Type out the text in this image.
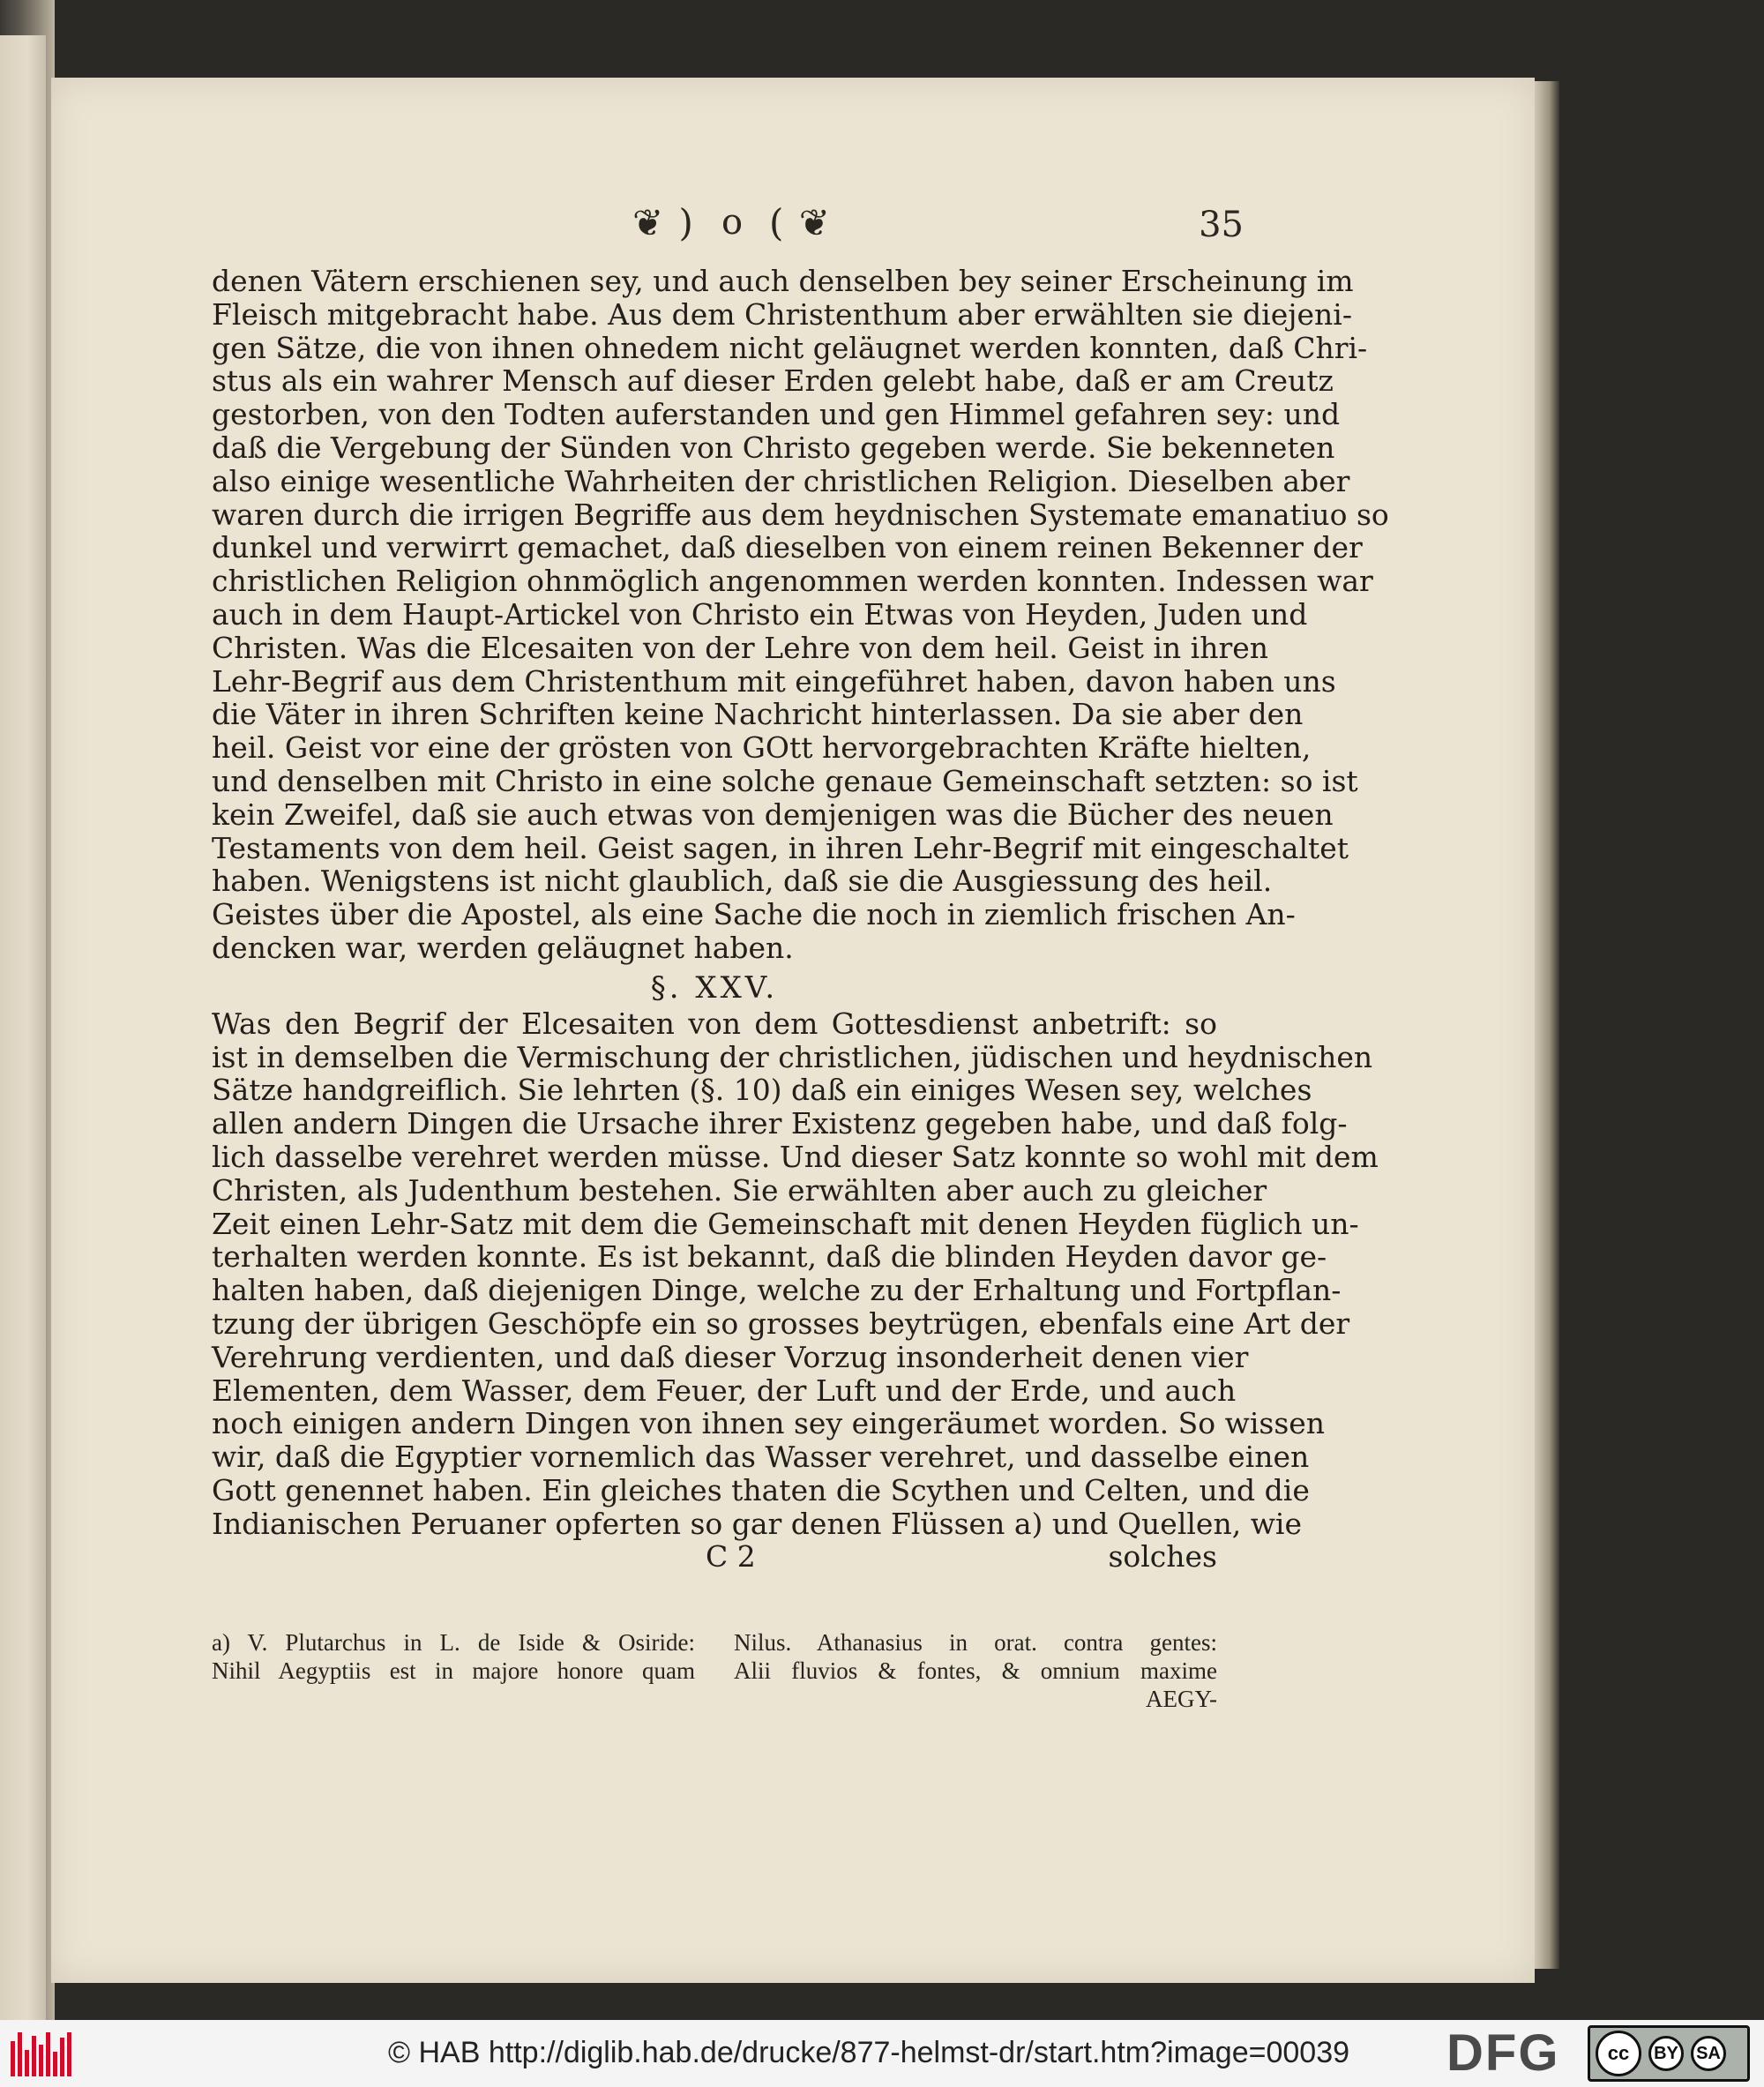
❦ ) o ( ❦	35
denen Vätern erschienen sey, und auch denselben bey seiner Erscheinung im
Fleisch mitgebracht habe. Aus dem Christenthum aber erwählten sie diejeni-
gen Sätze, die von ihnen ohnedem nicht geläugnet werden konnten, daß Chri-
stus als ein wahrer Mensch auf dieser Erden gelebt habe, daß er am Creutz
gestorben, von den Todten auferstanden und gen Himmel gefahren sey: und
daß die Vergebung der Sünden von Christo gegeben werde. Sie bekenneten
also einige wesentliche Wahrheiten der christlichen Religion. Dieselben aber
waren durch die irrigen Begriffe aus dem heydnischen Systemate emanatiuo so
dunkel und verwirrt gemachet, daß dieselben von einem reinen Bekenner der
christlichen Religion ohnmöglich angenommen werden konnten. Indessen war
auch in dem Haupt-Artickel von Christo ein Etwas von Heyden, Juden und
Christen. Was die Elcesaiten von der Lehre von dem heil. Geist in ihren
Lehr-Begrif aus dem Christenthum mit eingeführet haben, davon haben uns
die Väter in ihren Schriften keine Nachricht hinterlassen. Da sie aber den
heil. Geist vor eine der grösten von GOtt hervorgebrachten Kräfte hielten,
und denselben mit Christo in eine solche genaue Gemeinschaft setzten: so ist
kein Zweifel, daß sie auch etwas von demjenigen was die Bücher des neuen
Testaments von dem heil. Geist sagen, in ihren Lehr-Begrif mit eingeschaltet
haben. Wenigstens ist nicht glaublich, daß sie die Ausgiessung des heil.
Geistes über die Apostel, als eine Sache die noch in ziemlich frischen An-
dencken war, werden geläugnet haben.
§. XXV.
Was den Begrif der Elcesaiten von dem Gottesdienst anbetrift: so
ist in demselben die Vermischung der christlichen, jüdischen und heydnischen
Sätze handgreiflich. Sie lehrten (§. 10) daß ein einiges Wesen sey, welches
allen andern Dingen die Ursache ihrer Existenz gegeben habe, und daß folg-
lich dasselbe verehret werden müsse. Und dieser Satz konnte so wohl mit dem
Christen, als Judenthum bestehen. Sie erwählten aber auch zu gleicher
Zeit einen Lehr-Satz mit dem die Gemeinschaft mit denen Heyden füglich un-
terhalten werden konnte. Es ist bekannt, daß die blinden Heyden davor ge-
halten haben, daß diejenigen Dinge, welche zu der Erhaltung und Fortpflan-
tzung der übrigen Geschöpfe ein so grosses beytrügen, ebenfals eine Art der
Verehrung verdienten, und daß dieser Vorzug insonderheit denen vier
Elementen, dem Wasser, dem Feuer, der Luft und der Erde, und auch
noch einigen andern Dingen von ihnen sey eingeräumet worden. So wissen
wir, daß die Egyptier vornemlich das Wasser verehret, und dasselbe einen
Gott genennet haben. Ein gleiches thaten die Scythen und Celten, und die
Indianischen Peruaner opferten so gar denen Flüssen a) und Quellen, wie
C 2	solches
a) V. Plutarchus in L. de Iside & Osiride:
Nihil Aegyptiis est in majore honore quam
Nilus. Athanasius in orat. contra gentes:
Alii fluvios & fontes, & omnium maxime
AEGY-
© HAB http://diglib.hab.de/drucke/877-helmst-dr/start.htm?image=00039 DFG	cc	BY	SA
